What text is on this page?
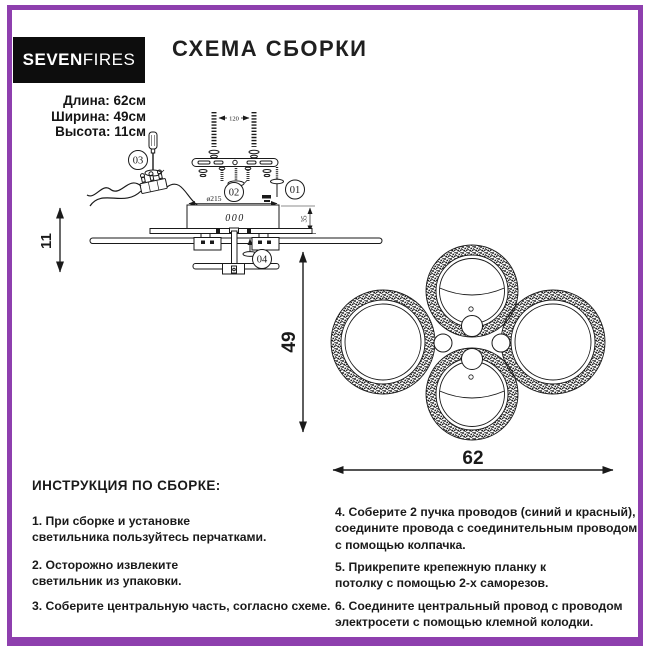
SEVEN FIRES СХЕМА СБОРКИ
Длина: 62см
Ширина: 49см
Высота: 11см
120
02	01
03
ø215
000	35
04
11
49
62
ИНСТРУКЦИЯ ПО СБОРКЕ:
1. При сборке и установке
светильника пользуйтесь перчатками.
2. Осторожно извлеките
светильник из упаковки.
3. Соберите центральную часть, согласно схеме.
4. Соберите 2 пучка проводов (синий и красный),
соедините провода с соединительным проводом
с помощью колпачка.
5. Прикрепите крепежную планку к
потолку с помощью 2-х саморезов.
6. Соедините центральный провод с проводом
электросети с помощью клемной колодки.
